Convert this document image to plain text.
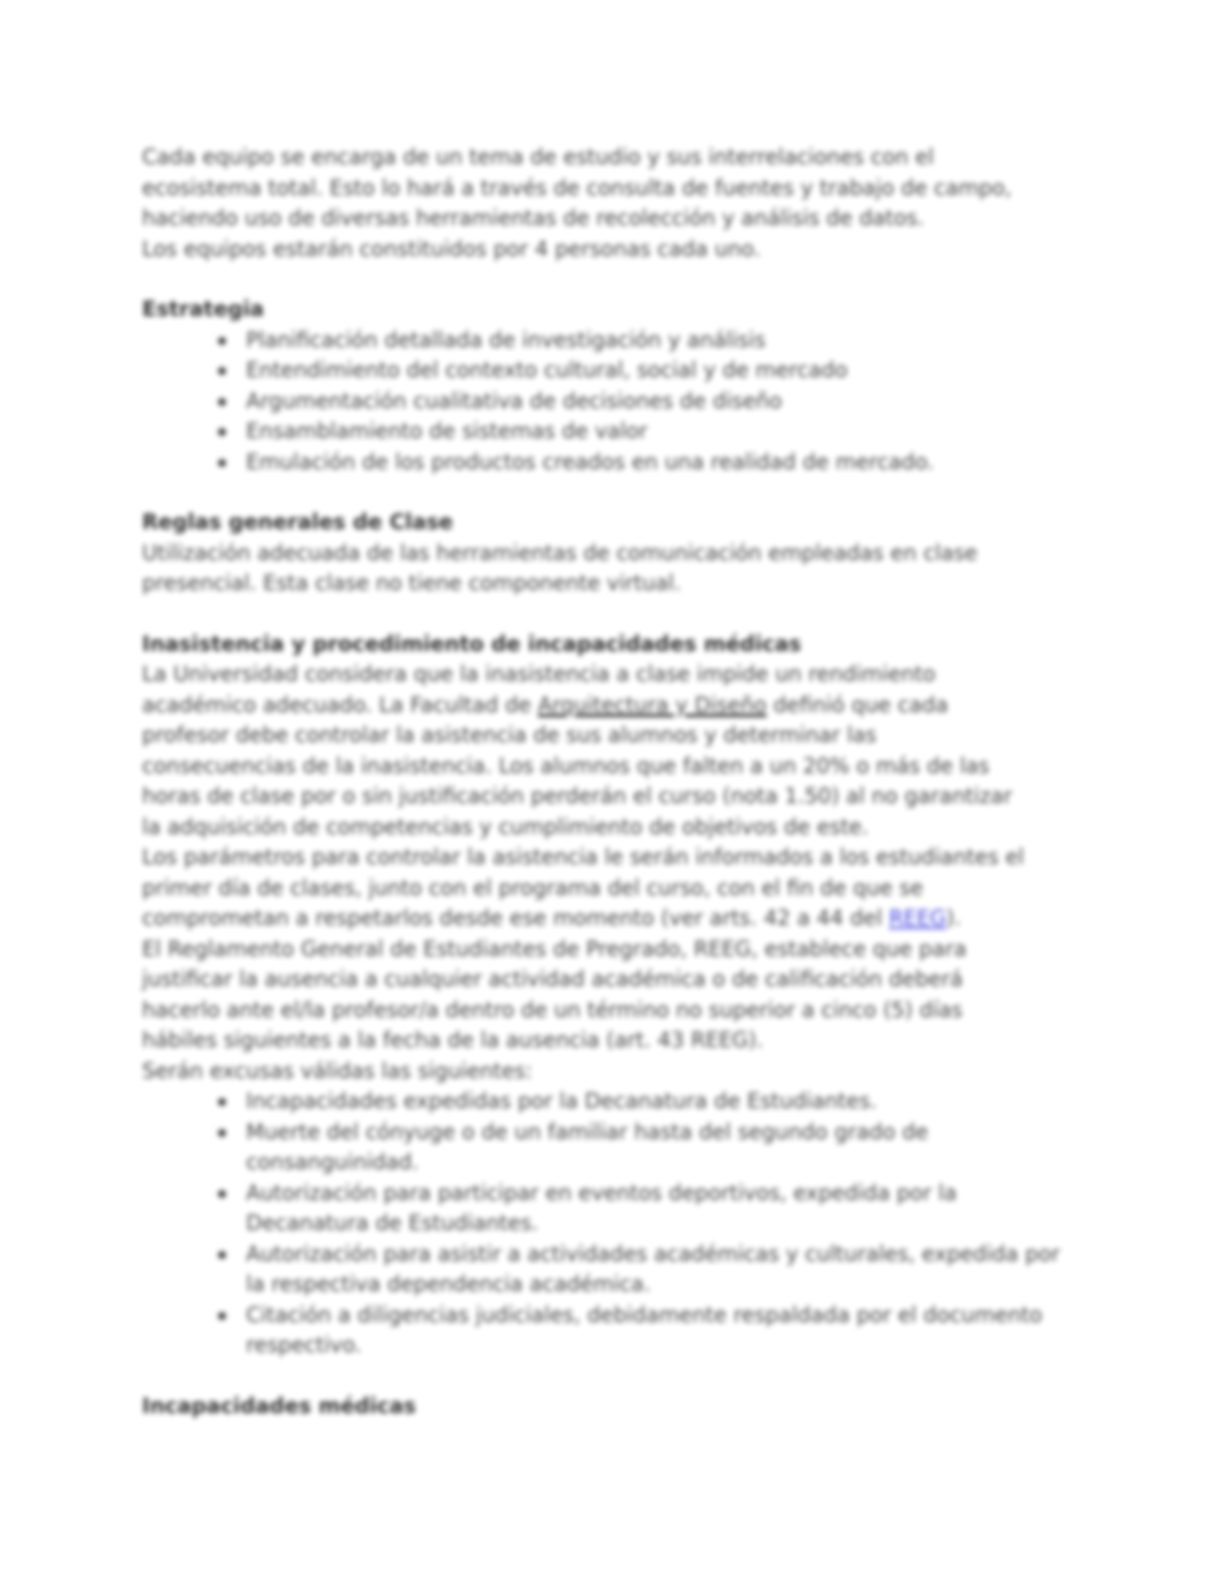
Cada equipo se encarga de un tema de estudio y sus interrelaciones con el

ecosistema total. Esto lo hará a través de consulta de fuentes y trabajo de campo,

haciendo uso de diversas herramientas de recolección y análisis de datos.

Los equipos estarán constituidos por 4 personas cada uno.

Estrategia

Planificación detallada de investigación y análisis
Entendimiento del contexto cultural, social y de mercado
Argumentación cualitativa de decisiones de diseño
Ensamblamiento de sistemas de valor
Emulación de los productos creados en una realidad de mercado.

Reglas generales de Clase

Utilización adecuada de las herramientas de comunicación empleadas en clase

presencial. Esta clase no tiene componente virtual.

Inasistencia y procedimiento de incapacidades médicas

La Universidad considera que la inasistencia a clase impide un rendimiento

académico adecuado. La Facultad de Arquitectura y Diseño definió que cada

profesor debe controlar la asistencia de sus alumnos y determinar las

consecuencias de la inasistencia. Los alumnos que falten a un 20% o más de las

horas de clase por o sin justificación perderán el curso (nota 1.50) al no garantizar

la adquisición de competencias y cumplimiento de objetivos de este.

Los parámetros para controlar la asistencia le serán informados a los estudiantes el

primer día de clases, junto con el programa del curso, con el fin de que se

comprometan a respetarlos desde ese momento (ver arts. 42 a 44 del REEG).

El Reglamento General de Estudiantes de Pregrado, REEG, establece que para

justificar la ausencia a cualquier actividad académica o de calificación deberá

hacerlo ante el/la profesor/a dentro de un término no superior a cinco (5) días

hábiles siguientes a la fecha de la ausencia (art. 43 REEG).

Serán excusas válidas las siguientes:

Incapacidades expedidas por la Decanatura de Estudiantes.
Muerte del cónyuge o de un familiar hasta del segundo grado de consanguinidad.
Autorización para participar en eventos deportivos, expedida por la Decanatura de Estudiantes.
Autorización para asistir a actividades académicas y culturales, expedida por la respectiva dependencia académica.
Citación a diligencias judiciales, debidamente respaldada por el documento respectivo.

Incapacidades médicas
